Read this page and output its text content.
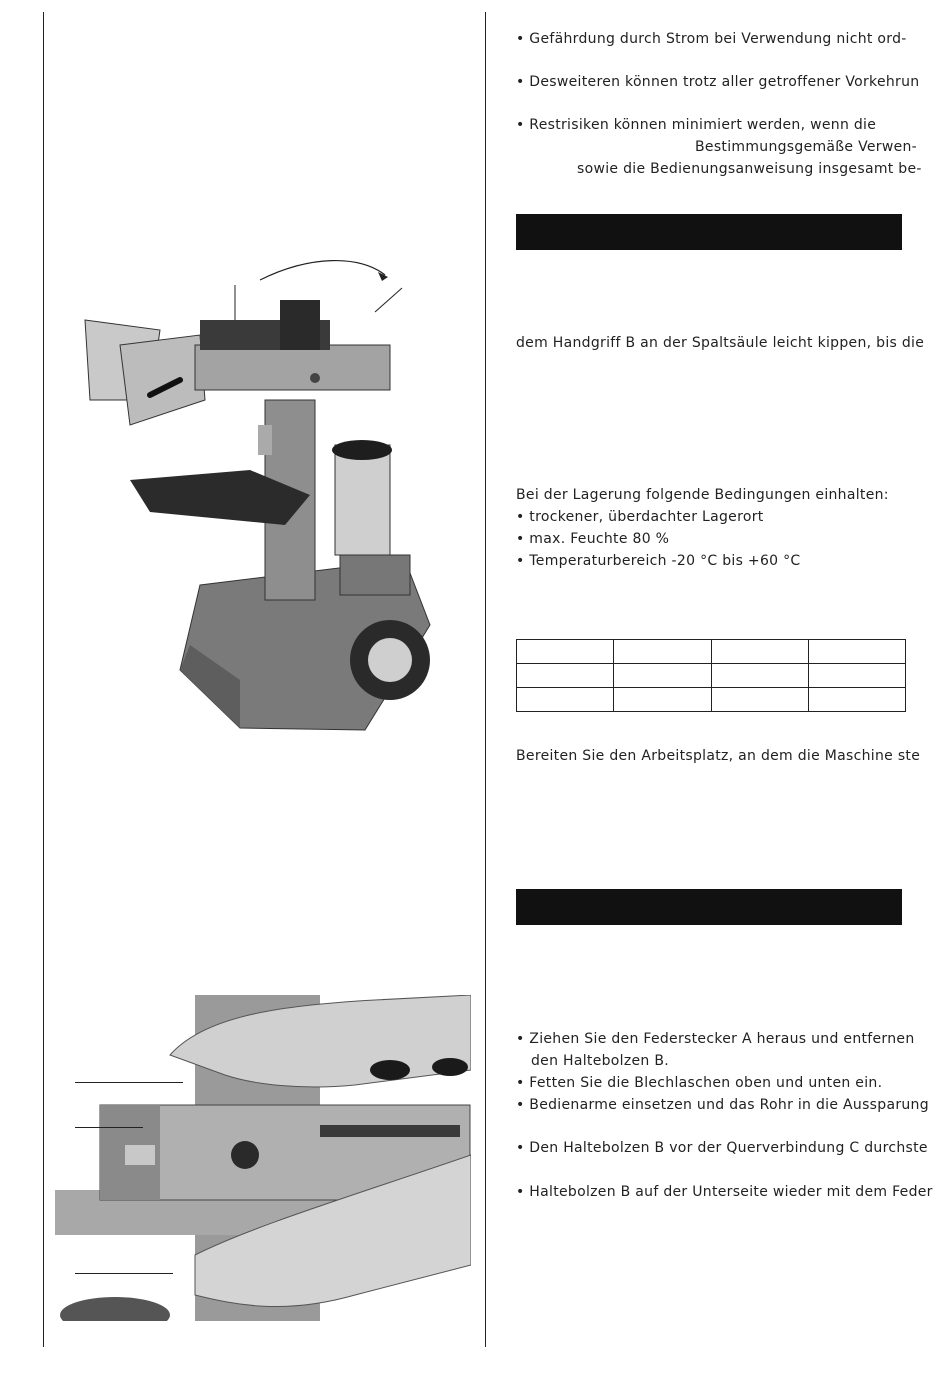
• Gefährdung durch Strom bei Verwendung nicht ord-
• Desweiteren können trotz aller getroffener Vorkehrun
• Restrisiken können minimiert werden, wenn die
Bestimmungsgemäße Verwen-
sowie die Bedienungsanweisung insgesamt be-
dem Handgriff B an der Spaltsäule leicht kippen, bis die
Bei der Lagerung folgende Bedingungen einhalten:
• trockener, überdachter Lagerort
• max. Feuchte 80 %
• Temperaturbereich -20 °C bis +60 °C

Bereiten Sie den Arbeitsplatz, an dem die Maschine ste
• Ziehen Sie den Federstecker A heraus und entfernen
den Haltebolzen B.
• Fetten Sie die Blechlaschen oben und unten ein.
• Bedienarme einsetzen und das Rohr in die Aussparung
• Den Haltebolzen B vor der Querverbindung C durchste
• Haltebolzen B auf der Unterseite wieder mit dem Feder
